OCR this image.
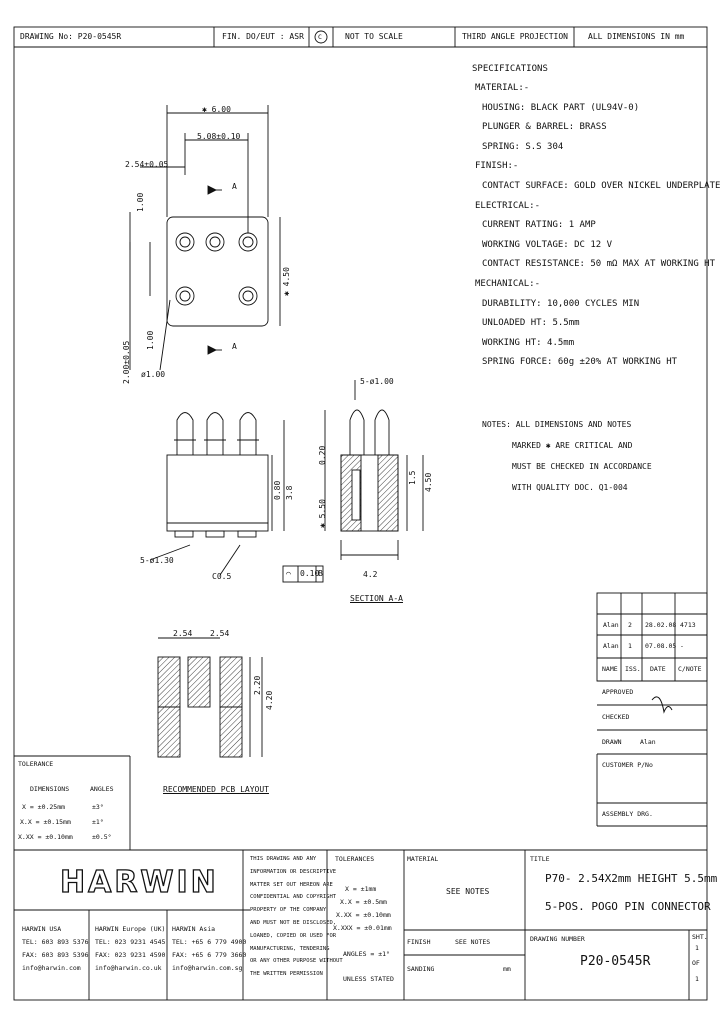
DRAWING No: P20-0545R	FIN. DO/EUT : ASR C	NOT TO SCALE	THIRD ANGLE PROJECTION	ALL DIMENSIONS IN mm
SPECIFICATIONS
MATERIAL:-
HOUSING: BLACK PART (UL94V-0)
PLUNGER & BARREL: BRASS
SPRING: S.S 304
FINISH:-
CONTACT SURFACE: GOLD OVER NICKEL UNDERPLATE
ELECTRICAL:-
CURRENT RATING: 1 AMP
WORKING VOLTAGE: DC 12 V
CONTACT RESISTANCE: 50 mΩ MAX AT WORKING HT
MECHANICAL:-
DURABILITY: 10,000 CYCLES MIN
UNLOADED HT: 5.5mm
WORKING HT: 4.5mm
SPRING FORCE: 60g ±20% AT WORKING HT
NOTES: ALL DIMENSIONS AND NOTES
MARKED ✱ ARE CRITICAL AND
MUST BE CHECKED IN ACCORDANCE
WITH QUALITY DOC. Q1-004
✱ 6.00
5.08±0.10
2.54±0.05
1.00
✱ 4.50
1.00
2.00±0.05 ø1.00
A
A
5-ø1.00
0.80 3.8
0.20
✱ 5.50
1.5 4.50
5-ø1.30
C0.5	⌒ 0.10
B	4.2
SECTION A-A
2.54 2.54
2.20
4.20
RECOMMENDED PCB LAYOUT
Alan 2 28.02.08 4713
Alan 1 07.08.05 -
NAME ISS. DATE C/NOTE
APPROVED
CHECKED
DRAWN	Alan
CUSTOMER P/No
ASSEMBLY DRG.
TOLERANCE
DIMENSIONS	ANGLES
X = ±0.25mm	±3°
X.X = ±0.15mm	±1°
X.XX = ±0.10mm	±0.5°
HARWIN
HARWIN USA
TEL: 603 893 5376
FAX: 603 893 5396
info@harwin.com
HARWIN Europe (UK)
TEL: 023 9231 4545
FAX: 023 9231 4590
info@harwin.co.uk
HARWIN Asia
TEL: +65 6 779 4900
FAX: +65 6 779 3660
info@harwin.com.sg
THIS DRAWING AND ANY
INFORMATION OR DESCRIPTIVE
MATTER SET OUT HEREON ARE
CONFIDENTIAL AND COPYRIGHT
PROPERTY OF THE COMPANY
AND MUST NOT BE DISCLOSED,
LOANED, COPIED OR USED FOR
MANUFACTURING, TENDERING
OR ANY OTHER PURPOSE WITHOUT
THE WRITTEN PERMISSION
TOLERANCES
X = ±1mm
X.X = ±0.5mm
X.XX = ±0.10mm
X.XXX = ±0.01mm
ANGLES = ±1°
UNLESS STATED
MATERIAL
SEE NOTES
FINISH	SEE NOTES
SANDING	mm
TITLE
P70- 2.54X2mm HEIGHT 5.5mm
5-POS. POGO PIN CONNECTOR
DRAWING NUMBER
P20-0545R
SHT.
1
OF
1
